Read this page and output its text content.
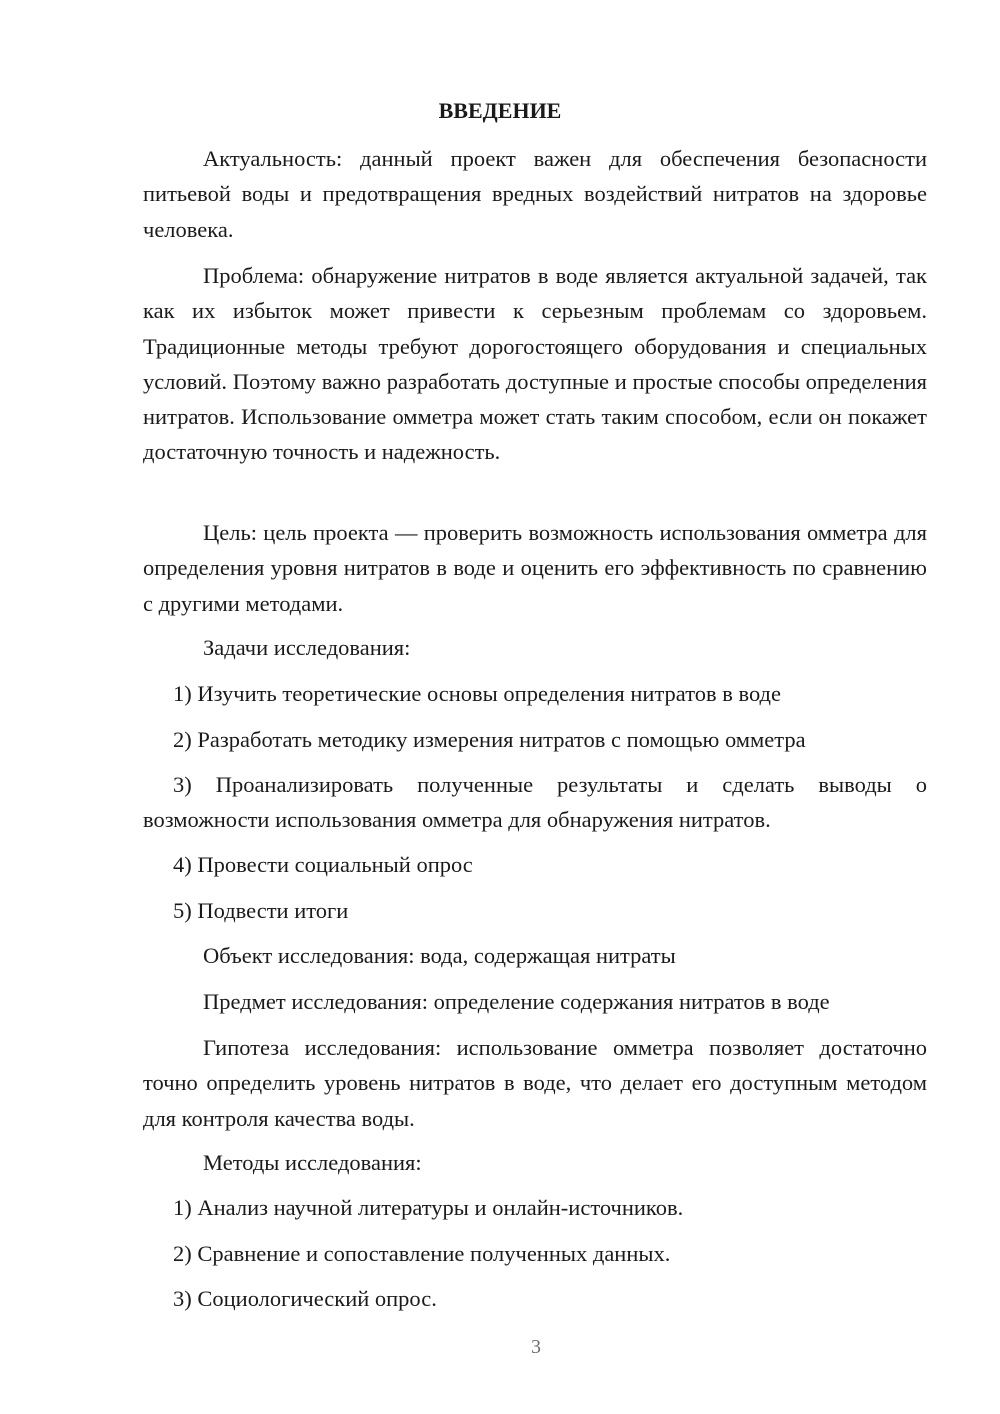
ВВЕДЕНИЕ

Актуальность: данный проект важен для обеспечения безопасности питьевой воды и предотвращения вредных воздействий нитратов на здоровье человека.

Проблема: обнаружение нитратов в воде является актуальной задачей, так как их избыток может привести к серьезным проблемам со здоровьем. Традиционные методы требуют дорогостоящего оборудования и специальных условий. Поэтому важно разработать доступные и простые способы определения нитратов. Использование омметра может стать таким способом, если он покажет достаточную точность и надежность.

Цель: цель проекта — проверить возможность использования омметра для определения уровня нитратов в воде и оценить его эффективность по сравнению с другими методами.

Задачи исследования:

1) Изучить теоретические основы определения нитратов в воде

2) Разработать методику измерения нитратов с помощью омметра

3) Проанализировать полученные результаты и сделать выводы о возможности использования омметра для обнаружения нитратов.

4) Провести социальный опрос

5) Подвести итоги

Объект исследования: вода, содержащая нитраты

Предмет исследования: определение содержания нитратов в воде

Гипотеза исследования: использование омметра позволяет достаточно точно определить уровень нитратов в воде, что делает его доступным методом для контроля качества воды.

Методы исследования:

1) Анализ научной литературы и онлайн-источников.

2) Сравнение и сопоставление полученных данных.

3) Социологический опрос.

3
